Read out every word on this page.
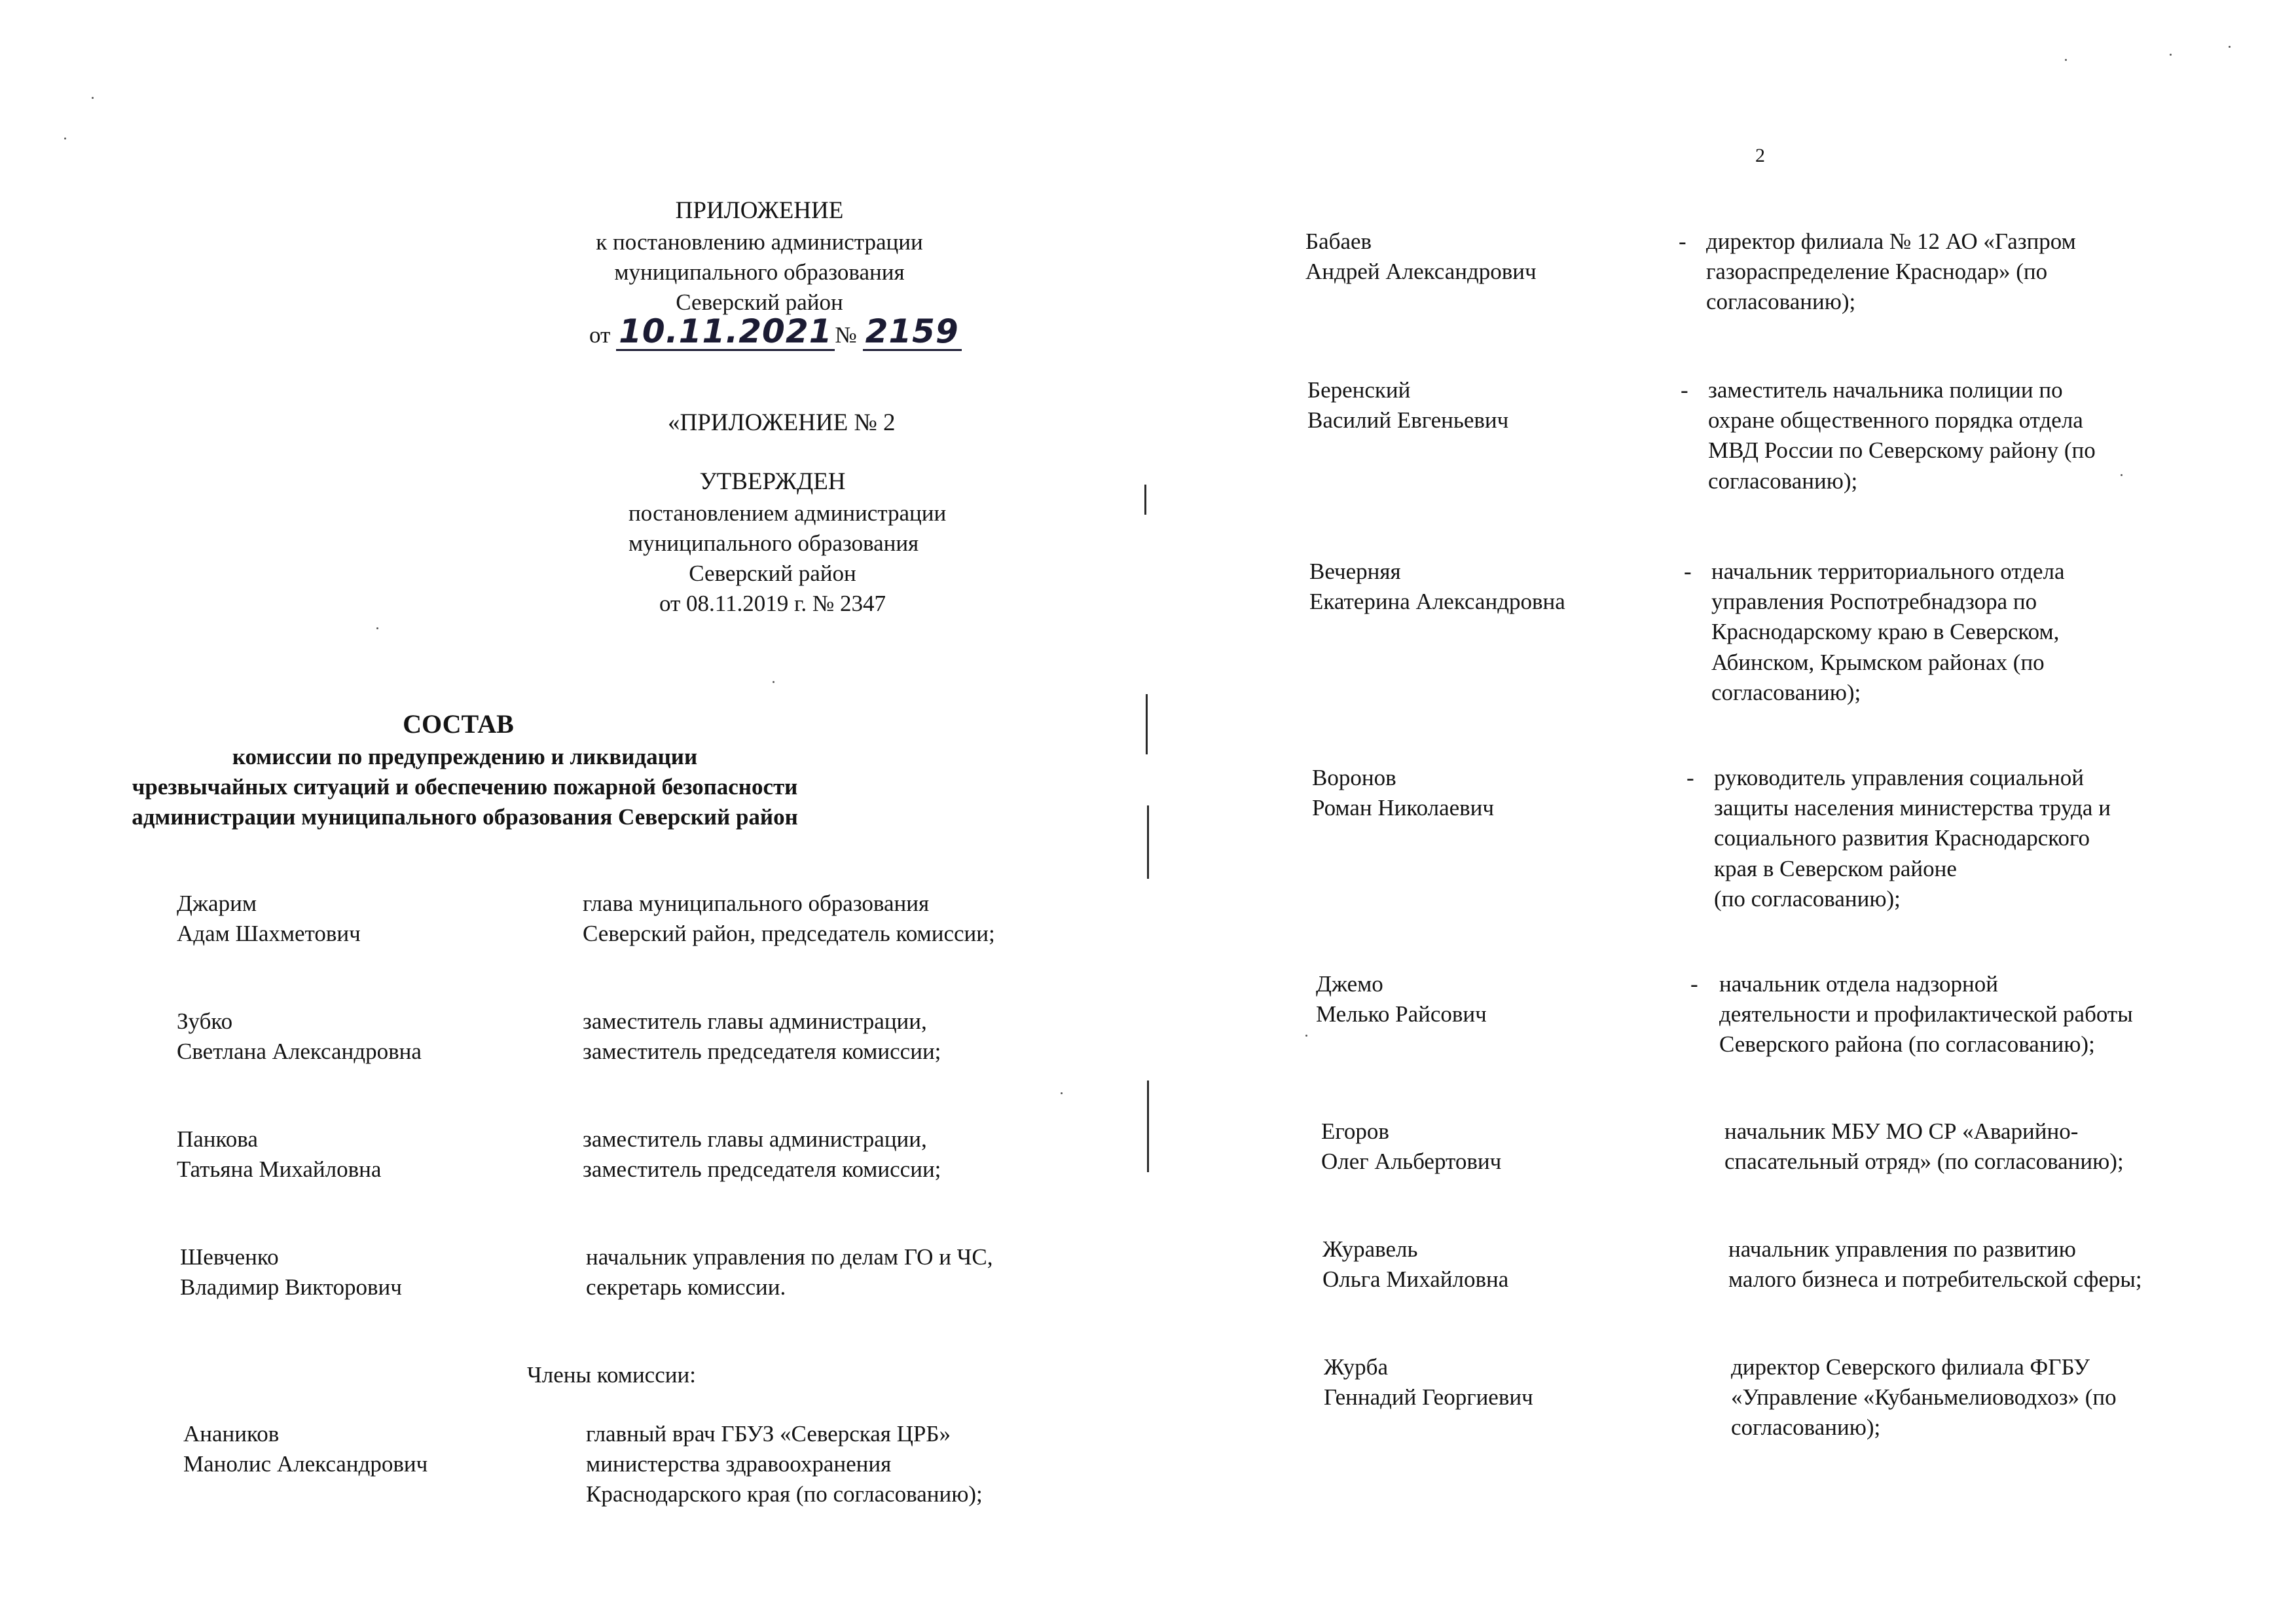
ПРИЛОЖЕНИЕ
к постановлению администрации
муниципального образования
Северский район
от 10.11.2021 № 2159
«ПРИЛОЖЕНИЕ № 2
УТВЕРЖДЕН
постановлением администрации
муниципального образования
Северский район
от 08.11.2019 г. № 2347
СОСТАВ
комиссии по предупреждению и ликвидации
чрезвычайных ситуаций и обеспечению пожарной безопасности
администрации муниципального образования Северский район
Джарим
Адам Шахметович
глава муниципального образования
Северский район, председатель комиссии;
Зубко
Светлана Александровна
заместитель главы администрации,
заместитель председателя комиссии;
Панкова
Татьяна Михайловна
заместитель главы администрации,
заместитель председателя комиссии;
Шевченко
Владимир Викторович
начальник управления по делам ГО и ЧС,
секретарь комиссии.
Члены комиссии:
Анаников
Манолис Александрович
главный врач ГБУЗ «Северская ЦРБ»
министерства здравоохранения
Краснодарского края (по согласованию);
2
Бабаев
Андрей Александрович
- директор филиала № 12 АО «Газпром
газораспределение Краснодар» (по
согласованию);
Беренский
Василий Евгеньевич
- заместитель начальника полиции по
охране общественного порядка отдела
МВД России по Северскому району (по
согласованию);
Вечерняя
Екатерина Александровна
- начальник территориального отдела
управления Роспотребнадзора по
Краснодарскому краю в Северском,
Абинском, Крымском районах (по
согласованию);
Воронов
Роман Николаевич
- руководитель управления социальной
защиты населения министерства труда и
социального развития Краснодарского
края в Северском районе
(по согласованию);
Джемо
Мелько Райсович
- начальник отдела надзорной
деятельности и профилактической работы
Северского района (по согласованию);
Егоров
Олег Альбертович
начальник МБУ МО СР «Аварийно-
спасательный отряд» (по согласованию);
Журавель
Ольга Михайловна
начальник управления по развитию
малого бизнеса и потребительской сферы;
Журба
Геннадий Георгиевич
директор Северского филиала ФГБУ
«Управление «Кубаньмелиоводхоз» (по
согласованию);
